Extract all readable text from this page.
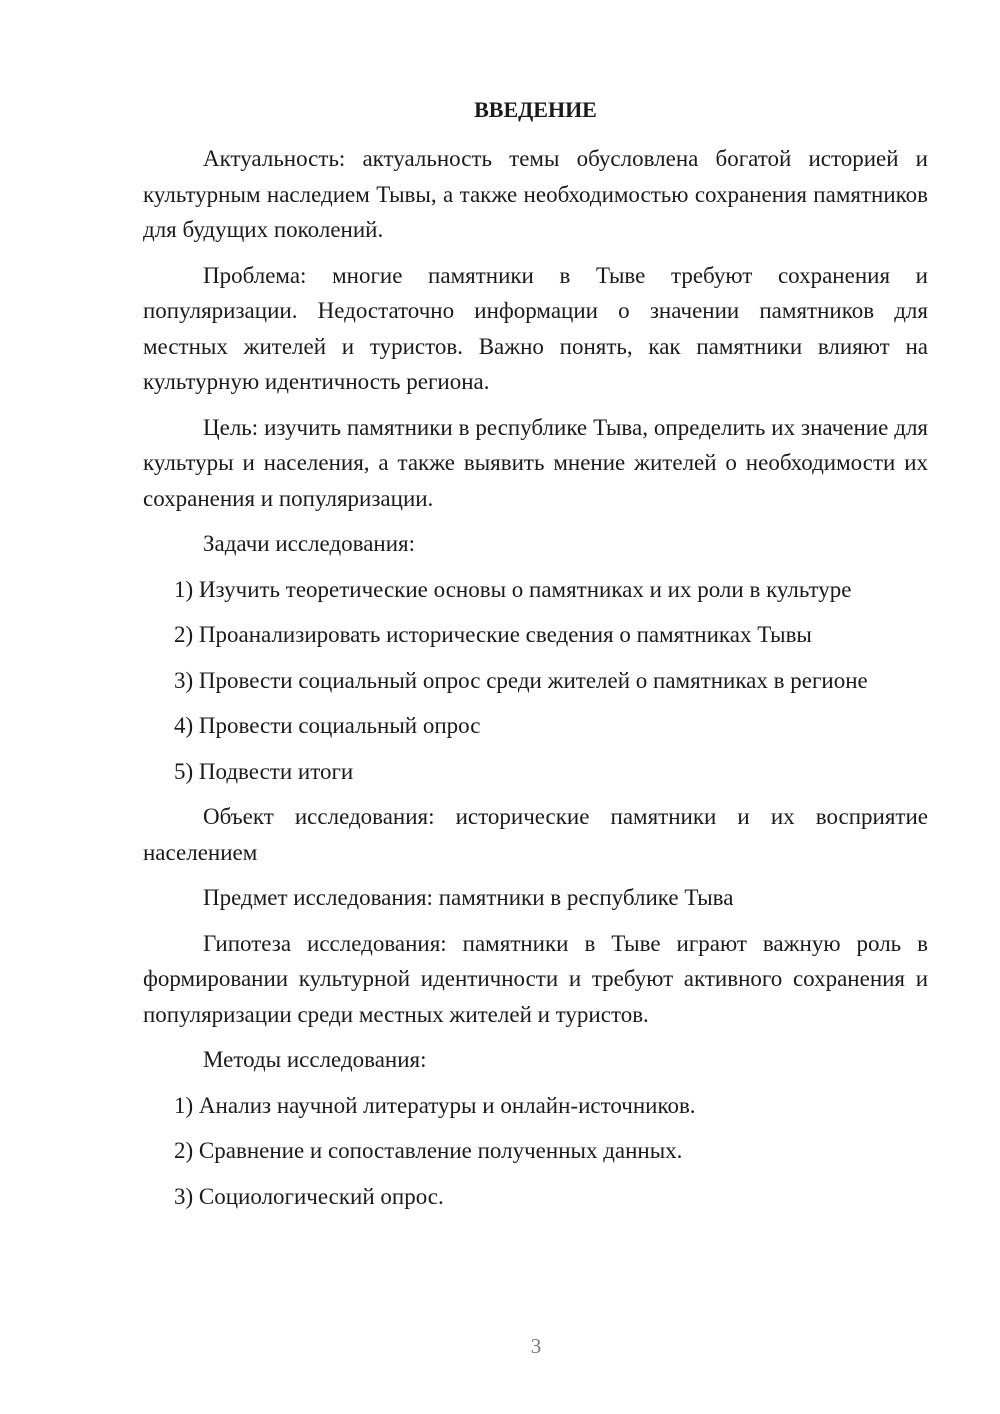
ВВЕДЕНИЕ

Актуальность: актуальность темы обусловлена богатой историей и культурным наследием Тывы, а также необходимостью сохранения памятников для будущих поколений.

Проблема: многие памятники в Тыве требуют сохранения и популяризации. Недостаточно информации о значении памятников для местных жителей и туристов. Важно понять, как памятники влияют на культурную идентичность региона.

Цель: изучить памятники в республике Тыва, определить их значение для культуры и населения, а также выявить мнение жителей о необходимости их сохранения и популяризации.

Задачи исследования:

1) Изучить теоретические основы о памятниках и их роли в культуре
2) Проанализировать исторические сведения о памятниках Тывы
3) Провести социальный опрос среди жителей о памятниках в регионе
4) Провести социальный опрос
5) Подвести итоги

Объект исследования: исторические памятники и их восприятие населением

Предмет исследования: памятники в республике Тыва

Гипотеза исследования: памятники в Тыве играют важную роль в формировании культурной идентичности и требуют активного сохранения и популяризации среди местных жителей и туристов.

Методы исследования:

1) Анализ научной литературы и онлайн-источников.
2) Сравнение и сопоставление полученных данных.
3) Социологический опрос.
3
